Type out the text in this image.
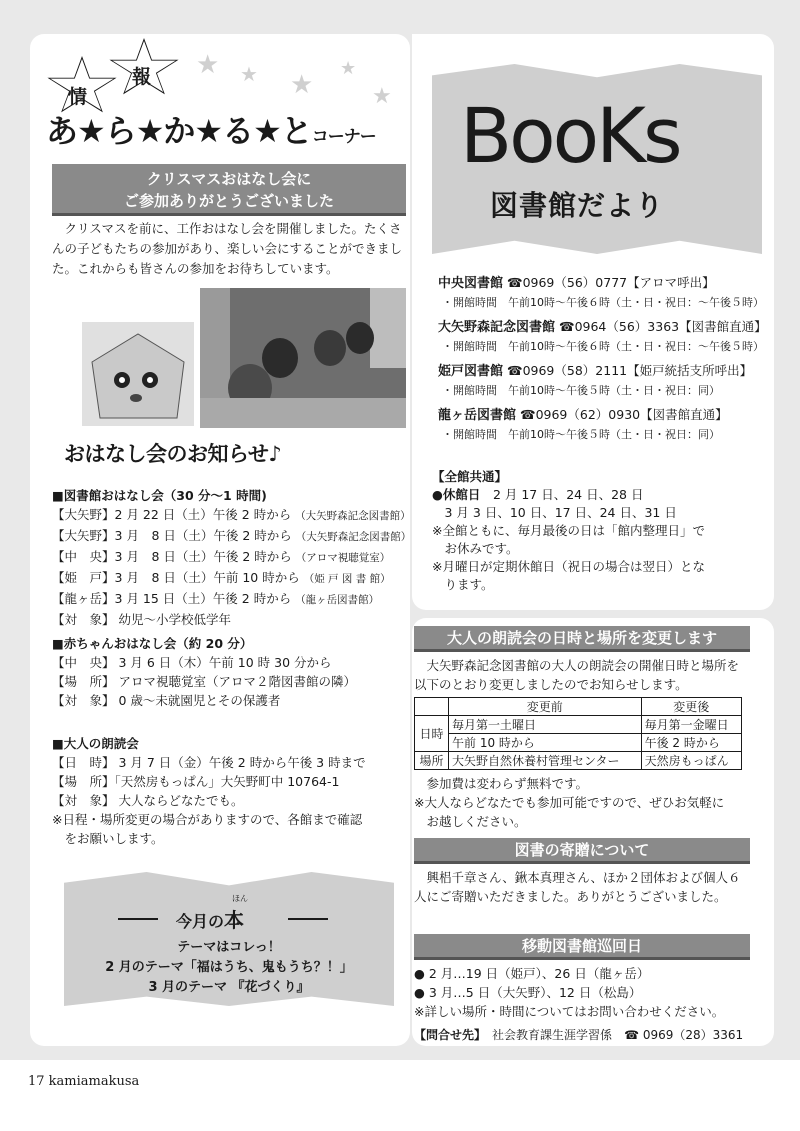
情
報 ★ ★ ★
★
★
あ★ら★か★る★とコーナー
クリスマスおはなし会に
ご参加ありがとうございました

クリスマスを前に、工作おはなし会を開催しました。たくさんの子どもたちの参加があり、楽しい会にすることができました。これからも皆さんの参加をお待ちしています。

おはなし会のお知らせ♪
■図書館おはなし会（30 分～1 時間)
【大矢野】2 月 22 日（土）午後 2 時から （大矢野森記念図書館）
【大矢野】3 月　8 日（土）午後 2 時から （大矢野森記念図書館）
【中　央】3 月　8 日（土）午後 2 時から （アロマ視聴覚室）
【姫　戸】3 月　8 日（土）午前 10 時から （姫 戸 図 書 館）
【龍ヶ岳】3 月 15 日（土）午後 2 時から （龍ヶ岳図書館）
【対　象】 幼児～小学校低学年
■赤ちゃんおはなし会（約 20 分）
【中　央】 3 月 6 日（木）午前 10 時 30 分から
【場　所】 アロマ視聴覚室（アロマ２階図書館の隣）
【対　象】 0 歳～未就園児とその保護者
■大人の朗読会
【日　時】 3 月 7 日（金）午後 2 時から午後 3 時まで
【場　所】「天然房もっぱん」大矢野町中 10764-1
【対　象】 大人ならどなたでも。
※日程・場所変更の場合がありますので、各館まで確認
　をお願いします。
ほん
今月の本
テーマはコレっ！
2 月のテーマ「福はうち、鬼もうち？！」
3 月のテーマ 『花づくり』
BooKs
図書館だより
中央図書館 ☎0969（56）0777【アロマ呼出】
・開館時間　午前10時～午後６時（土・日・祝日：～午後５時）
大矢野森記念図書館 ☎0964（56）3363【図書館直通】
・開館時間　午前10時～午後６時（土・日・祝日：～午後５時）
姫戸図書館 ☎0969（58）2111【姫戸統括支所呼出】
・開館時間　午前10時～午後５時（土・日・祝日：同）
龍ヶ岳図書館 ☎0969（62）0930【図書館直通】
・開館時間　午前10時～午後５時（土・日・祝日：同）
【全館共通】
●休館日　 2 月 17 日、24 日、28 日
3 月 3 日、10 日、17 日、24 日、31 日
※全館ともに、毎月最後の日は「館内整理日」で
お休みです。
※月曜日が定期休館日（祝日の場合は翌日）とな
ります。
大人の朗読会の日時と場所を変更します

大矢野森記念図書館の大人の朗読会の開催日時と場所を以下のとおり変更しましたのでお知らせします。

	変更前	変更後
日時	毎月第一土曜日	毎月第一金曜日
	午前 10 時から	午後 2 時から
場所	大矢野自然休養村管理センター	天然房もっぱん
参加費は変わらず無料です。
※大人ならどなたでも参加可能ですので、ぜひお気軽に
お越しください。
図書の寄贈について

興梠千章さん、鍬本真理さん、ほか２団体および個人６人にご寄贈いただきました。ありがとうございました。

移動図書館巡回日
● 2 月…19 日（姫戸）、26 日（龍ヶ岳）
● 3 月…5 日（大矢野）、12 日（松島）
※詳しい場所・時間についてはお問い合わせください。
【問合せ先】　 社会教育課生涯学習係　 ☎ 0969（28）3361
17 kamiamakusa
